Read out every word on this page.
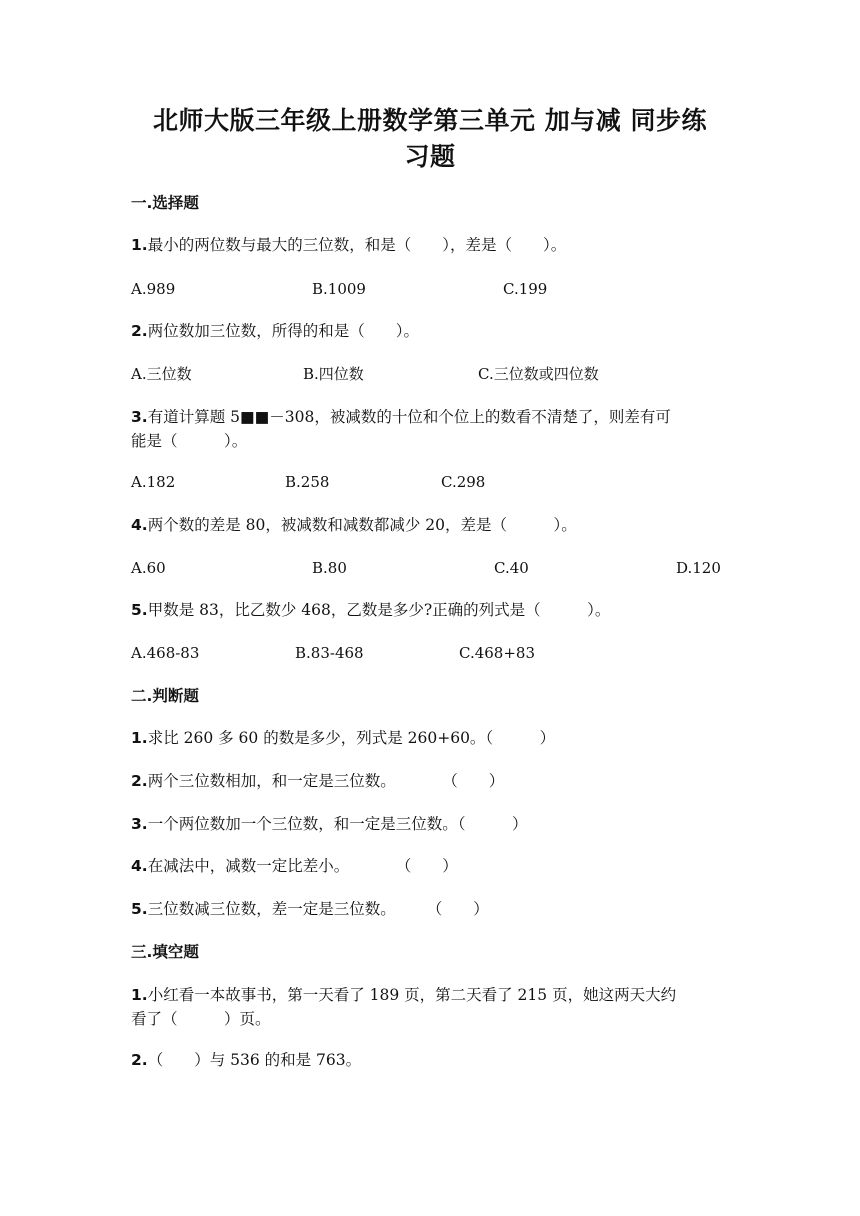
北师大版三年级上册数学第三单元 加与减 同步练
习题
一.选择题
1.最小的两位数与最大的三位数，和是（　　），差是（　　）。
A.989	B.1009	C.199
2.两位数加三位数，所得的和是（　　）。
A.三位数	B.四位数	C.三位数或四位数
3.有道计算题 5■■－308，被减数的十位和个位上的数看不清楚了，则差有可
能是（　　　）。
A.182	B.258	C.298
4.两个数的差是 80，被减数和减数都减少 20，差是（　　　）。
A.60	B.80	C.40	D.120
5.甲数是 83，比乙数少 468，乙数是多少?正确的列式是（　　　）。
A.468-83	B.83-468	C.468+83
二.判断题
1.求比 260 多 60 的数是多少，列式是 260+60。（　　　）
2.两个三位数相加，和一定是三位数。　　　　（　　）
3.一个两位数加一个三位数，和一定是三位数。（　　　）
4.在减法中，减数一定比差小。　　　　（　　）
5.三位数减三位数，差一定是三位数。　　　（　　）
三.填空题
1.小红看一本故事书，第一天看了 189 页，第二天看了 215 页，她这两天大约
看了（　　　）页。
2.（　　）与 536 的和是 763。
